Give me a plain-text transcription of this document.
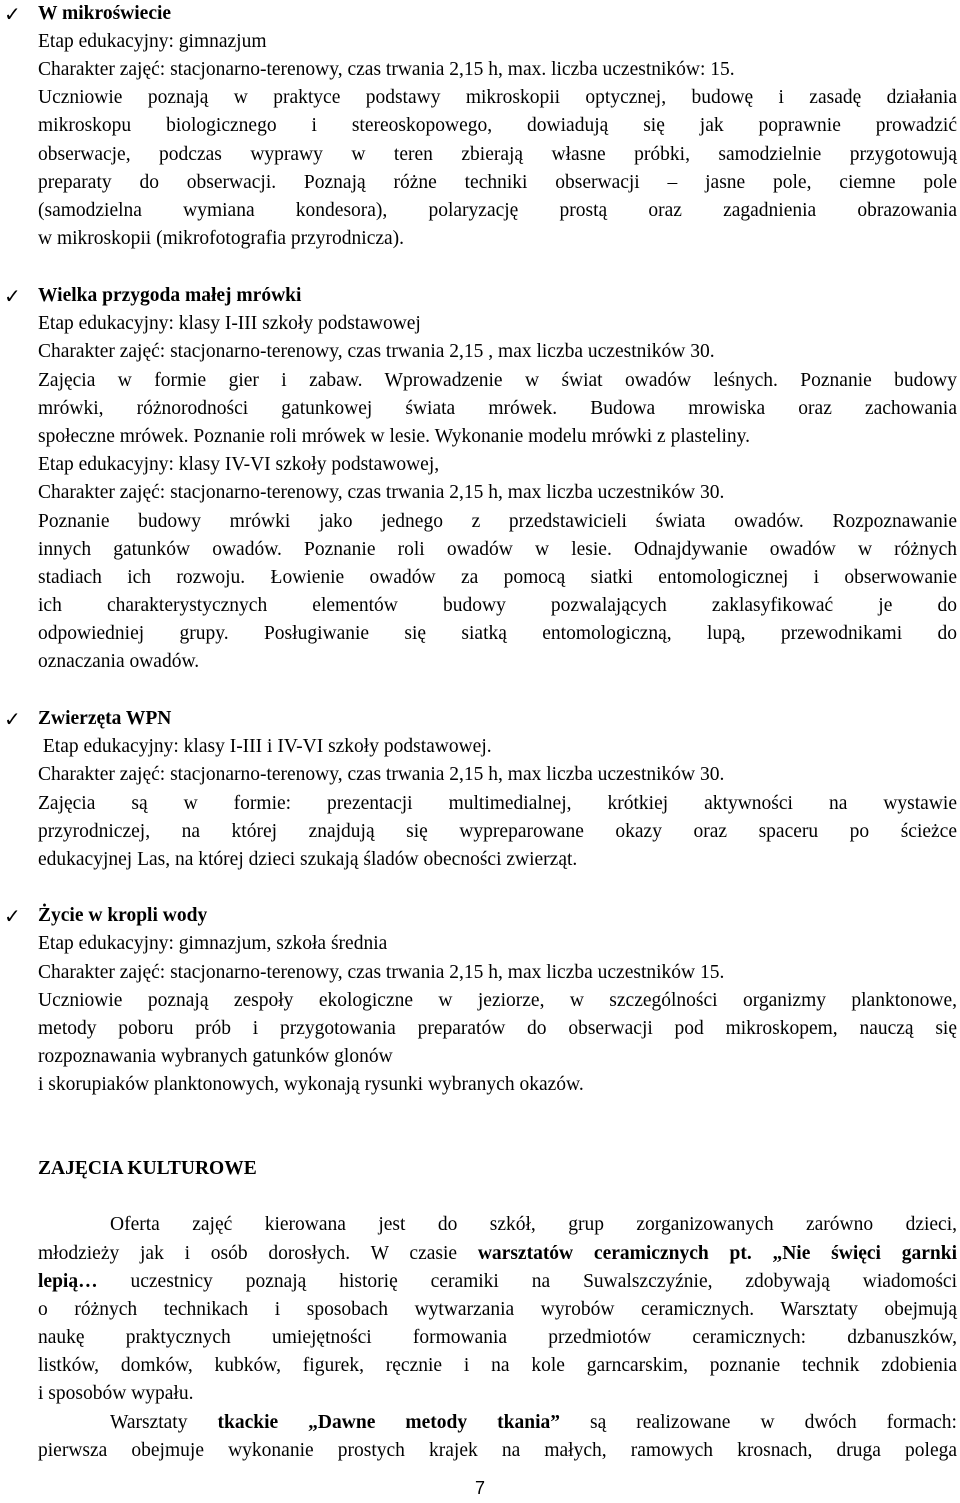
✓ W mikroświecie
Etap edukacyjny: gimnazjum
Charakter zajęć: stacjonarno-terenowy, czas trwania 2,15 h, max. liczba uczestników: 15.
Uczniowie poznają w praktyce podstawy mikroskopii optycznej, budowę i zasadę działania
mikroskopu biologicznego i stereoskopowego, dowiadują się jak poprawnie prowadzić
obserwacje, podczas wyprawy w teren zbierają własne próbki, samodzielnie przygotowują
preparaty do obserwacji. Poznają różne techniki obserwacji – jasne pole, ciemne pole
(samodzielna wymiana kondesora), polaryzację prostą oraz zagadnienia obrazowania
w mikroskopii (mikrofotografia przyrodnicza).
✓ Wielka przygoda małej mrówki
Etap edukacyjny: klasy I-III szkoły podstawowej
Charakter zajęć: stacjonarno-terenowy, czas trwania 2,15 , max liczba uczestników 30.
Zajęcia w formie gier i zabaw. Wprowadzenie w świat owadów leśnych. Poznanie budowy
mrówki, różnorodności gatunkowej świata mrówek. Budowa mrowiska oraz zachowania
społeczne mrówek. Poznanie roli mrówek w lesie. Wykonanie modelu mrówki z plasteliny.
Etap edukacyjny: klasy IV-VI szkoły podstawowej,
Charakter zajęć: stacjonarno-terenowy, czas trwania 2,15 h, max liczba uczestników 30.
Poznanie budowy mrówki jako jednego z przedstawicieli świata owadów. Rozpoznawanie
innych gatunków owadów. Poznanie roli owadów w lesie. Odnajdywanie owadów w różnych
stadiach ich rozwoju. Łowienie owadów za pomocą siatki entomologicznej i obserwowanie
ich charakterystycznych elementów budowy pozwalających zaklasyfikować je do
odpowiedniej grupy. Posługiwanie się siatką entomologiczną, lupą, przewodnikami do
oznaczania owadów.
✓ Zwierzęta WPN
Etap edukacyjny: klasy I-III i IV-VI szkoły podstawowej.
Charakter zajęć: stacjonarno-terenowy, czas trwania 2,15 h, max liczba uczestników 30.
Zajęcia są w formie: prezentacji multimedialnej, krótkiej aktywności na wystawie
przyrodniczej, na której znajdują się wypreparowane okazy oraz spaceru po ścieżce
edukacyjnej Las, na której dzieci szukają śladów obecności zwierząt.
✓ Życie w kropli wody
Etap edukacyjny: gimnazjum, szkoła średnia
Charakter zajęć: stacjonarno-terenowy, czas trwania 2,15 h, max liczba uczestników 15.
Uczniowie poznają zespoły ekologiczne w jeziorze, w szczególności organizmy planktonowe,
metody poboru prób i przygotowania preparatów do obserwacji pod mikroskopem, nauczą się
rozpoznawania wybranych gatunków glonów
i skorupiaków planktonowych, wykonają rysunki wybranych okazów.
ZAJĘCIA KULTUROWE
Oferta zajęć kierowana jest do szkół, grup zorganizowanych zarówno dzieci,
młodzieży jak i osób dorosłych. W czasie warsztatów ceramicznych pt. „Nie święci garnki
lepią… uczestnicy poznają historię ceramiki na Suwalszczyźnie, zdobywają wiadomości
o różnych technikach i sposobach wytwarzania wyrobów ceramicznych. Warsztaty obejmują
naukę praktycznych umiejętności formowania przedmiotów ceramicznych: dzbanuszków,
listków, domków, kubków, figurek, ręcznie i na kole garncarskim, poznanie technik zdobienia
i sposobów wypału.
Warsztaty tkackie „Dawne metody tkania” są realizowane w dwóch formach:
pierwsza obejmuje wykonanie prostych krajek na małych, ramowych krosnach, druga polega
7
